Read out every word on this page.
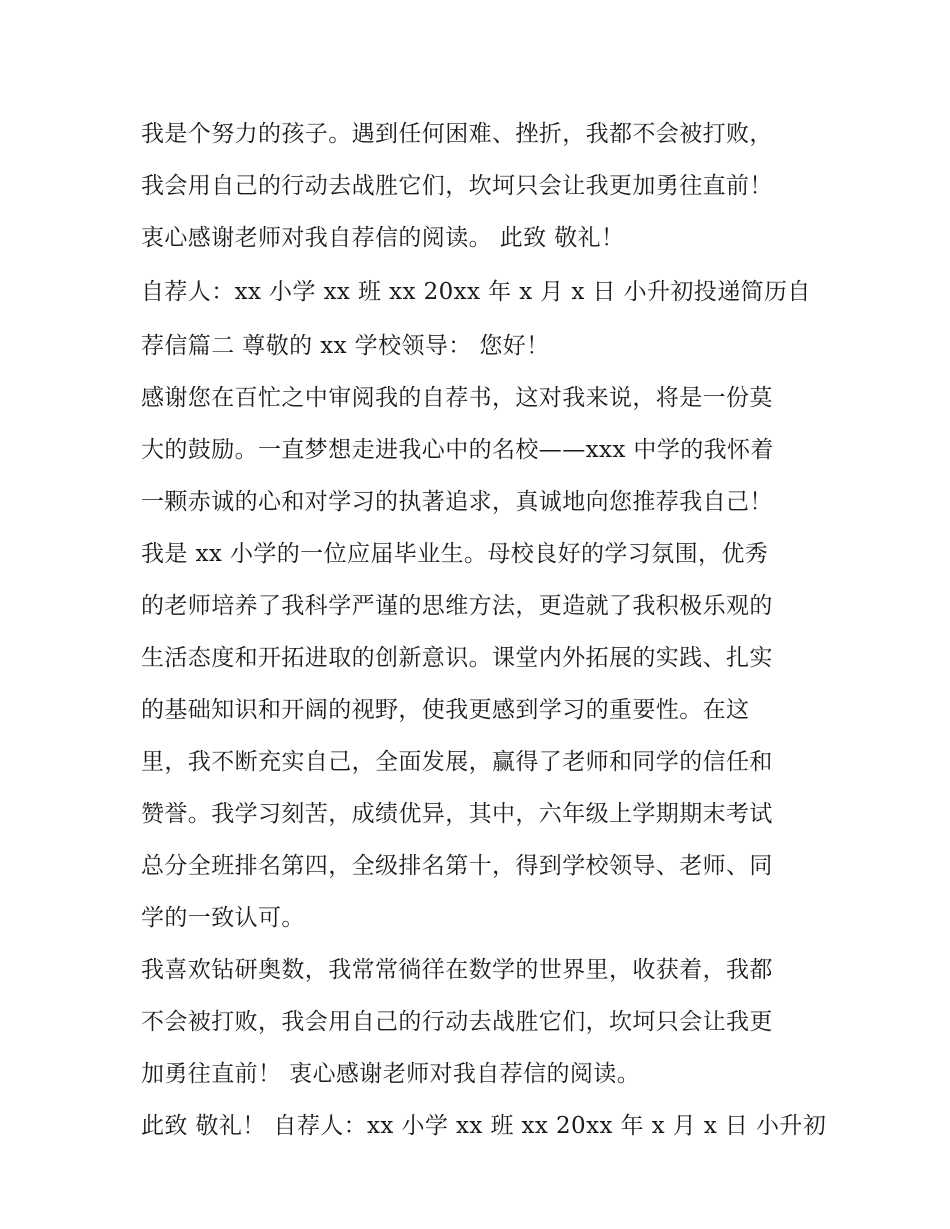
我是个努力的孩子。遇到任何困难、挫折，我都不会被打败，
我会用自己的行动去战胜它们，坎坷只会让我更加勇往直前！
衷心感谢老师对我自荐信的阅读。 此致 敬礼！
自荐人：xx 小学 xx 班 xx 20xx 年 x 月 x 日 小升初投递简历自
荐信篇二 尊敬的 xx 学校领导： 您好！
感谢您在百忙之中审阅我的自荐书，这对我来说，将是一份莫
大的鼓励。一直梦想走进我心中的名校——xxx 中学的我怀着
一颗赤诚的心和对学习的执著追求，真诚地向您推荐我自己！
我是 xx 小学的一位应届毕业生。母校良好的学习氛围，优秀
的老师培养了我科学严谨的思维方法，更造就了我积极乐观的
生活态度和开拓进取的创新意识。课堂内外拓展的实践、扎实
的基础知识和开阔的视野，使我更感到学习的重要性。在这
里，我不断充实自己，全面发展，赢得了老师和同学的信任和
赞誉。我学习刻苦，成绩优异，其中，六年级上学期期末考试
总分全班排名第四，全级排名第十，得到学校领导、老师、同
学的一致认可。
我喜欢钻研奥数，我常常徜徉在数学的世界里，收获着，我都
不会被打败，我会用自己的行动去战胜它们，坎坷只会让我更
加勇往直前！ 衷心感谢老师对我自荐信的阅读。
此致 敬礼！ 自荐人：xx 小学 xx 班 xx 20xx 年 x 月 x 日 小升初
